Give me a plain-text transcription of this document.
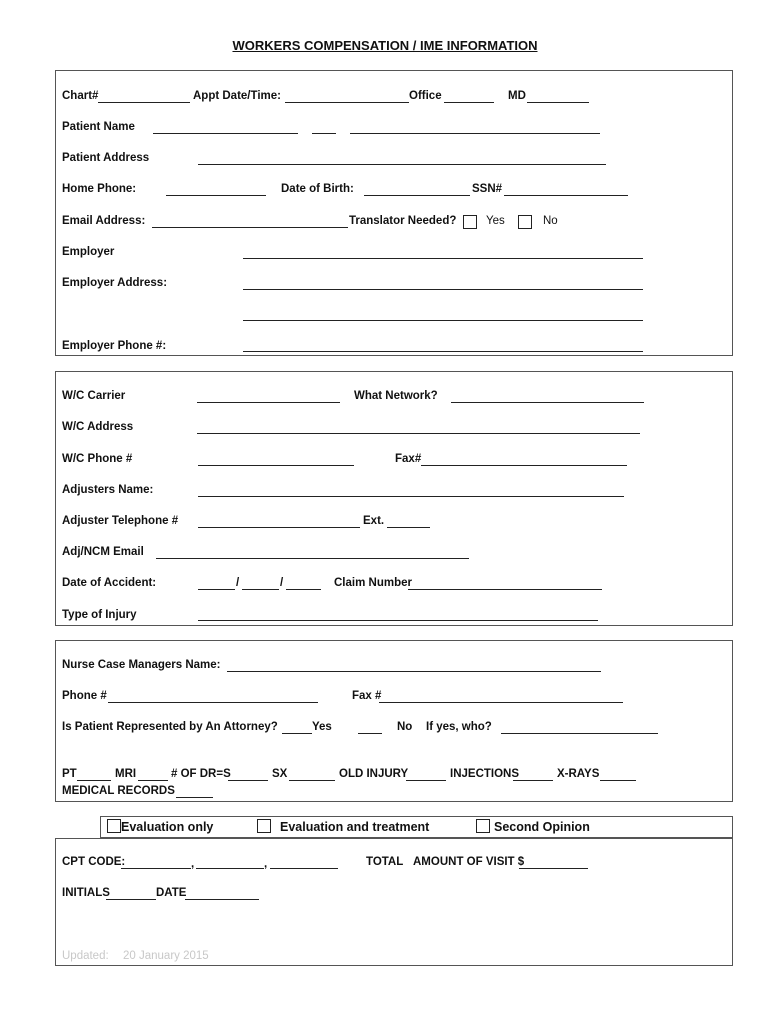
WORKERS COMPENSATION / IME INFORMATION
Chart#	Appt Date/Time:	Office	MD
Patient Name
Patient Address
Home Phone:	Date of Birth:	SSN#
Email Address:	Translator Needed?	Yes	No
Employer
Employer Address:
Employer Phone #:
W/C Carrier	What Network?
W/C Address
W/C Phone #	Fax#
Adjusters Name:
Adjuster Telephone #	Ext.
Adj/NCM Email
Date of Accident:	/	/	Claim Number
Type of Injury
Nurse Case Managers Name:
Phone #	Fax #
Is Patient Represented by An Attorney?	Yes	No If yes, who?
PT	MRI	# OF DR=S	SX	OLD INJURY	INJECTIONS	X-RAYS
MEDICAL RECORDS
Evaluation only	Evaluation and treatment	Second Opinion
CPT CODE:	,	,	TOTAL AMOUNT OF VISIT $
INITIALS	DATE
Updated: 20 January 2015
